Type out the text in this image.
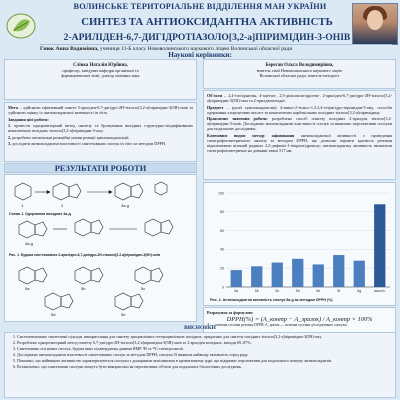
ВОЛИНСЬКЕ ТЕРИТОРІАЛЬНЕ ВІДДІЛЕННЯ МАН УКРАЇНИ
СИНТЕЗ ТА АНТИОКСИДАНТНА АКТИВНІСТЬ
2-АРИЛІДЕН-6,7-ДИГІДРОТІАЗОЛО[3,2-а]ПІРИМІДИН-3-ОНІВ
Гнюк Анна Вадимівна, учениця 11-Б класу Нововолинського наукового ліцею Волинської обласної ради
Наукові керівники:
Слівка Наталія Юріївна,
професор, завідувач кафедри органічної та
фармацевтичної хімії, доктор хімічних наук
Береган Ольга Володимирівна,
вчитель хімії Нововолинського наукового ліцею
Волинської обласної ради, вчитель-методист

Мета – здійснити ефективний синтез 5-арилден-6,7-дигідро-2Н-тіазоло[3,2-а]піримідин-3(5Н)-онів та здійснити оцінку їх антиоксидантної активності in vitro.

Завдання цієї роботи:

1. провести однореакторний метод синтезу та бромування вихідних структурно-модифікованих ненасичених похідних тіазоло[3,2-а]піримідин-3-ону;

2. розробити оптимальні реакційні умови реакції циклоконденсації;

3. дослідити антиоксидантні властивості синтезованих сполук in vitro за методом DPPH.

Об'єкти – 2,4-тіогідантоїн, 4-ацетил-, 2,5-діоксоксигідроген-, 2-ариліден-6,7-дигідро-2Н-тіазоло[3,2-а]піримідин-3(5Н)-они та 2-арилденпохідні.

Предмет – рушії циклоконденсації 4-аміно-2-тіоксо-1,2,3,4-тетрагідро-піримідин-5-ону, способи одержання хлороцтових кислот та ненасичених карбонільних похідних тіазоло[3,2-а]піримідину.

Практичне значення роботи: розроблено спосіб синтезу похідних 2-арилден тіазоло[3,2-а]піримідин-3-онів. Досліджено антиоксидантні властивості сполук та виявлено перспективні сполуки для подальших досліджень.

Ключовим видом методу оцінювання антиоксидантної активності є проведення спектрофотометричного аналізу за методом DPPH, що дозволяє оцінити здатність речовин відновлювати вільний радикал 2,2-дифеніл-1-пікрилгідразилу; антиоксидантну активність визначали спектрофотометрично на довжині хвилі 517 нм.

РЕЗУЛЬТАТИ РОБОТИ
1	2	3a-g
4a-g
5a	5b	5c
5d	5e
Схема 1. Одержання вихідних 4а-д
Рис. 1. Будова синтезованих 2-ариліден-6,7-дигідро-2Н-тіазоло[3,2-а]піримідин-3(5Н)-онів
5a	5b	5c	5d	5e	5f	5g	ascorb.
0
20
40
60
80
100
Рис. 2. Антиоксидантна активність сполук 5а-g за методом DPPH (%)
Розрахунок за формулою:
DPPH(%) = (A_контр − A_зразок) / A_контр × 100%
A — оптична густина розчину DPPH; A_зразок — оптична густина досліджуваної сполуки
ВИСНОВКИ
1. Систематизовано синтетичні підходи, використання для синтезу трициклічних гетероциклічних похідних, придатних для синтезу похідних тіазоло[3,2-а]піримідин-3(5Н)-ону.
2. Розроблено однореакторний метод синтезу 6,7-дигідро-2Н-тіазоло[3,2-а]піримідин-3(5Н)-онів та 2-арилден похідних, виходи 69–87%.
3. Синтезовано сім нових сполук, будова яких підтверджена даними ЯМР ¹Н та ¹³С-спектроскопії.
4. Досліджено антиоксидантні властивості синтезованих сполук за методом DPPH; сполука 5f виявила найвищу активність серед ряду.
5. Показано, що найвищою активністю характеризуються сполуки з донорними замісниками в ароматичному ядрі, що відкриває перспективи для подальшого пошуку антиоксидантів.
6. Встановлено, що синтезовані сполуки можуть бути використані як перспективні об'єкти для подальших біологічних досліджень.
